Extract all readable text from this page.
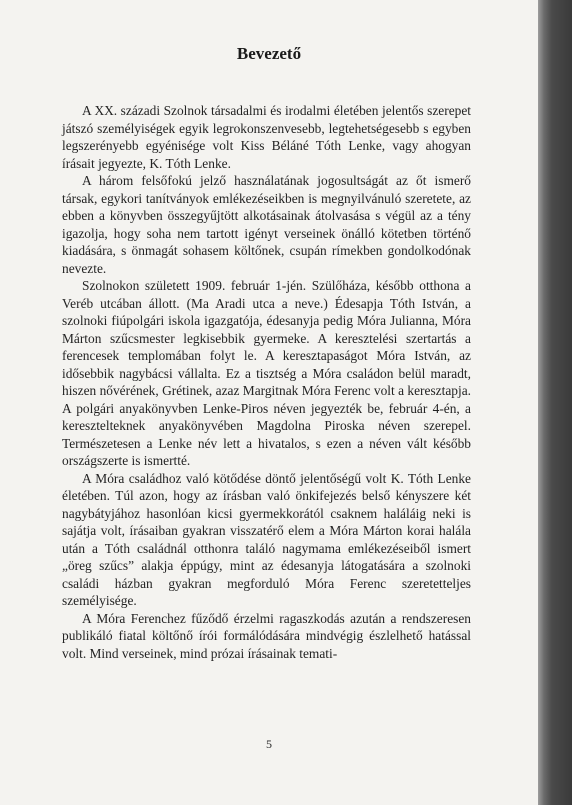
Bevezető

A XX. századi Szolnok társadalmi és irodalmi életében jelentős szerepet játszó személyiségek egyik legrokonszenvesebb, legtehetségesebb s egyben legszerényebb egyénisége volt Kiss Béláné Tóth Lenke, vagy ahogyan írásait jegyezte, K. Tóth Lenke.

A három felsőfokú jelző használatának jogosultságát az őt ismerő társak, egykori tanítványok emlékezéseikben is megnyilvánuló szeretete, az ebben a könyvben összegyűjtött alkotásainak átolvasása s végül az a tény igazolja, hogy soha nem tartott igényt verseinek önálló kötetben történő kiadására, s önmagát sohasem költőnek, csupán rímekben gondolkodónak nevezte.

Szolnokon született 1909. február 1-jén. Szülőháza, később otthona a Veréb utcában állott. (Ma Aradi utca a neve.) Édesapja Tóth István, a szolnoki fiúpolgári iskola igazgatója, édesanyja pedig Móra Julianna, Móra Márton szűcsmester legkisebbik gyermeke. A keresztelési szertartás a ferencesek templomában folyt le. A keresztapaságot Móra István, az idősebbik nagybácsi vállalta. Ez a tisztség a Móra családon belül maradt, hiszen nővérének, Grétinek, azaz Margitnak Móra Ferenc volt a keresztapja. A polgári anyakönyvben Lenke-Piros néven jegyezték be, február 4-én, a keresztelteknek anyakönyvében Magdolna Piroska néven szerepel. Természetesen a Lenke név lett a hivatalos, s ezen a néven vált később országszerte is ismertté.

A Móra családhoz való kötődése döntő jelentőségű volt K. Tóth Lenke életében. Túl azon, hogy az írásban való önkifejezés belső kényszere két nagybátyjához hasonlóan kicsi gyermekkorától csaknem haláláig neki is sajátja volt, írásaiban gyakran visszatérő elem a Móra Márton korai halála után a Tóth családnál otthonra találó nagymama emlékezéseiből ismert „öreg szűcs” alakja éppúgy, mint az édesanyja látogatására a szolnoki családi házban gyakran megforduló Móra Ferenc szeretetteljes személyisége.

A Móra Ferenchez fűződő érzelmi ragaszkodás azután a rendszeresen publikáló fiatal költőnő írói formálódására mindvégig észlelhető hatással volt. Mind verseinek, mind prózai írásainak temati-

5
